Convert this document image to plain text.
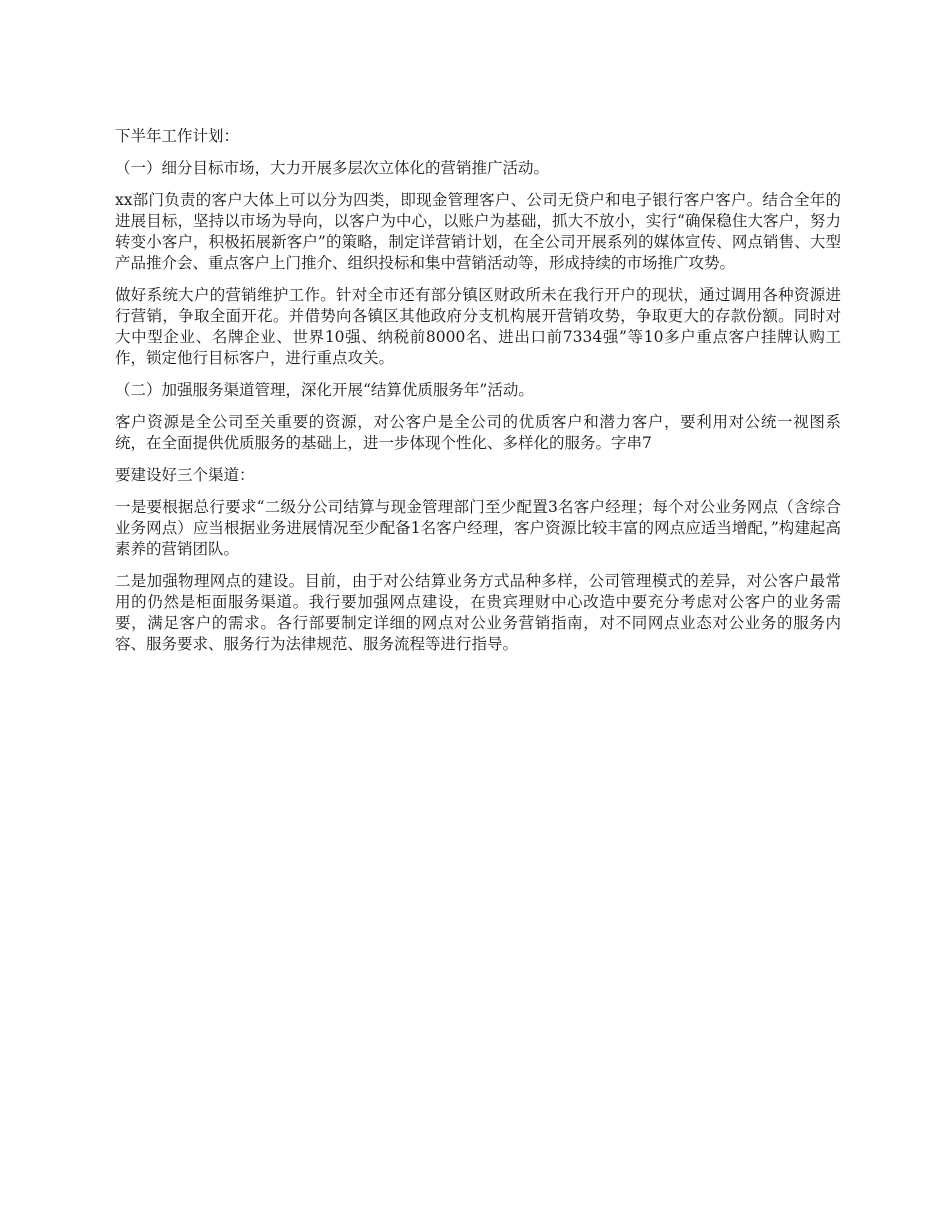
下半年工作计划：

（一）细分目标市场，大力开展多层次立体化的营销推广活动。

xx部门负责的客户大体上可以分为四类，即现金管理客户、公司无贷户和电子银行客户客户。结合全年的进展目标，坚持以市场为导向，以客户为中心，以账户为基础，抓大不放小，实行“确保稳住大客户，努力转变小客户，积极拓展新客户”的策略，制定详营销计划，在全公司开展系列的媒体宣传、网点销售、大型产品推介会、重点客户上门推介、组织投标和集中营销活动等，形成持续的市场推广攻势。

做好系统大户的营销维护工作。针对全市还有部分镇区财政所未在我行开户的现状，通过调用各种资源进行营销，争取全面开花。并借势向各镇区其他政府分支机构展开营销攻势，争取更大的存款份额。同时对大中型企业、名牌企业、世界10强、纳税前8000名、进出口前7334强”等10多户重点客户挂牌认购工作，锁定他行目标客户，进行重点攻关。

（二）加强服务渠道管理，深化开展“结算优质服务年”活动。

客户资源是全公司至关重要的资源，对公客户是全公司的优质客户和潜力客户，要利用对公统一视图系统，在全面提供优质服务的基础上，进一步体现个性化、多样化的服务。字串7

要建设好三个渠道：

一是要根据总行要求“二级分公司结算与现金管理部门至少配置3名客户经理；每个对公业务网点（含综合业务网点）应当根据业务进展情况至少配备1名客户经理，客户资源比较丰富的网点应适当增配，”构建起高素养的营销团队。

二是加强物理网点的建设。目前，由于对公结算业务方式品种多样，公司管理模式的差异，对公客户最常用的仍然是柜面服务渠道。我行要加强网点建设，在贵宾理财中心改造中要充分考虑对公客户的业务需要，满足客户的需求。各行部要制定详细的网点对公业务营销指南，对不同网点业态对公业务的服务内容、服务要求、服务行为法律规范、服务流程等进行指导。
